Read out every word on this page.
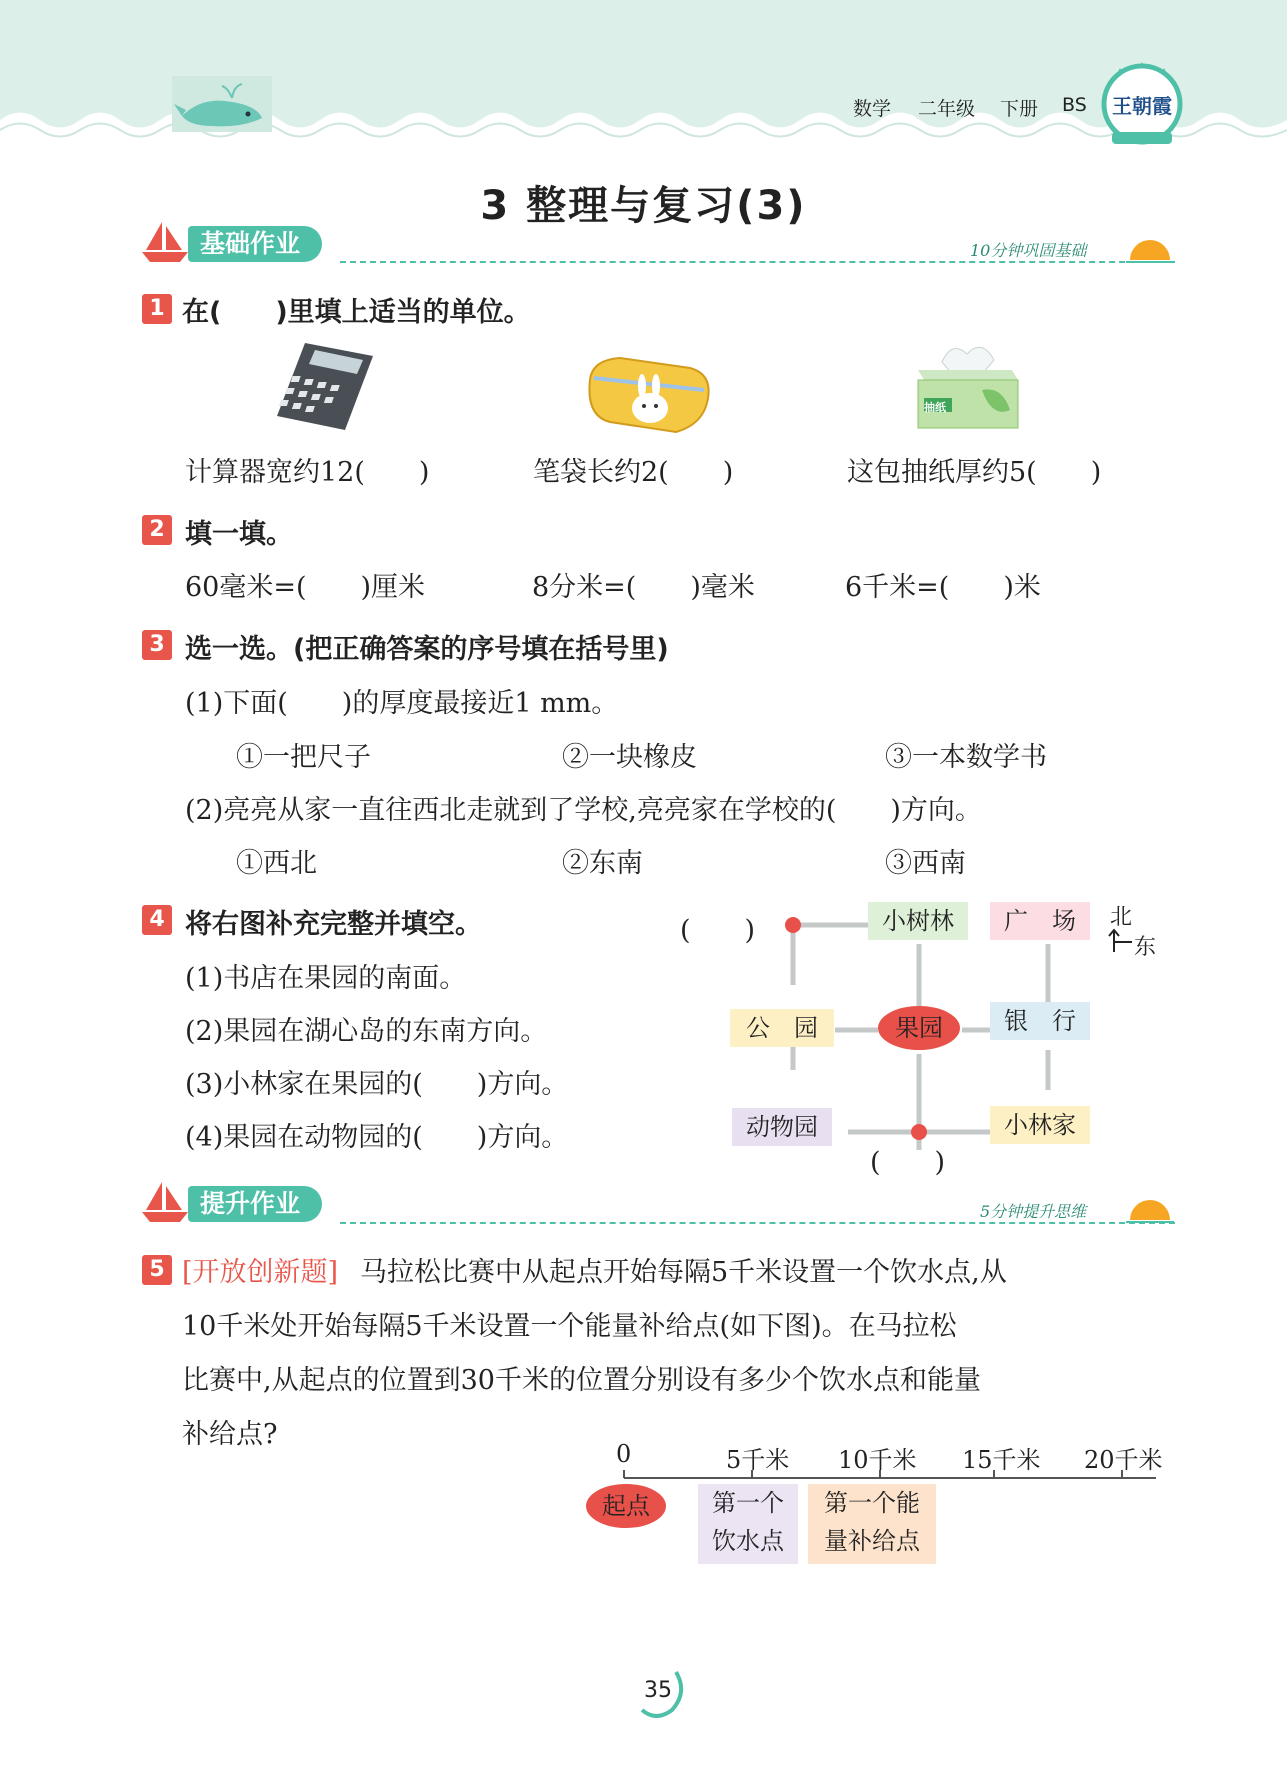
数学 二年级 下册 BS	王朝霞
3 整理与复习(3)
基础作业	10分钟巩固基础
1 在(　　)里填上适当的单位。
抽纸
计算器宽约12(　　)	笔袋长约2(　　)	这包抽纸厚约5(　　)
2 填一填。
60毫米=(　　)厘米	8分米=(　　)毫米	6千米=(　　)米
3 选一选。(把正确答案的序号填在括号里)
(1)下面(　　)的厚度最接近1 mm。
①一把尺子	②一块橡皮	③一本数学书
(2)亮亮从家一直往西北走就到了学校,亮亮家在学校的(　　)方向。
①西北	②东南	③西南
4 将右图补充完整并填空。
(1)书店在果园的南面。
(2)果园在湖心岛的东南方向。
(3)小林家在果园的(　　)方向。
(4)果园在动物园的(　　)方向。
(　　)
(　　)
小树林	广　场
公　园	果园	银　行
动物园	小林家
北
东
提升作业	5分钟提升思维
5 [开放创新题] 马拉松比赛中从起点开始每隔5千米设置一个饮水点,从
10千米处开始每隔5千米设置一个能量补给点(如下图)。在马拉松
比赛中,从起点的位置到30千米的位置分别设有多少个饮水点和能量
补给点?
0	5千米 10千米 15千米 20千米
起点	第一个
饮水点
第一个能
量补给点
35
